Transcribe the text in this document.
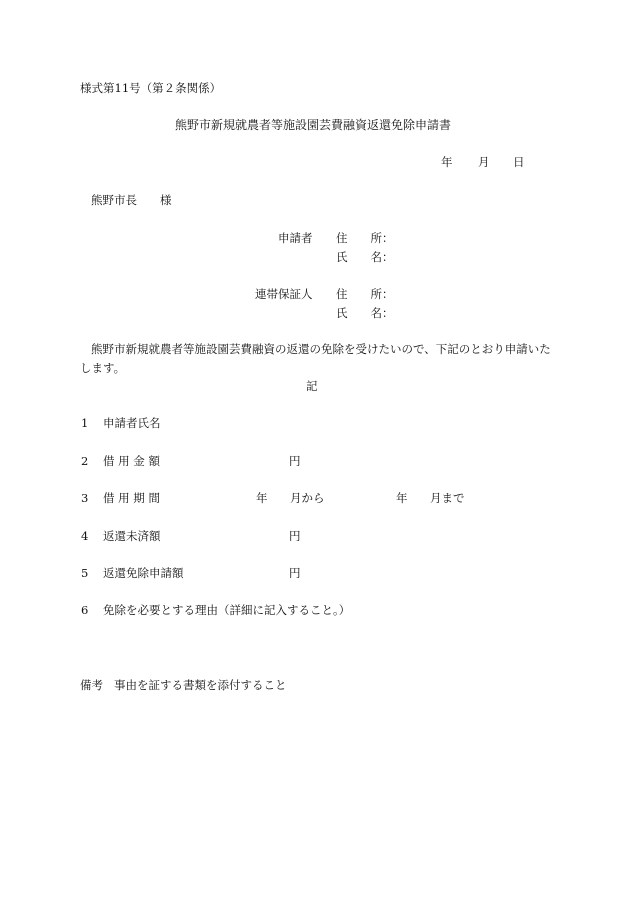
様式第11号（第２条関係）
熊野市新規就農者等施設園芸費融資返還免除申請書
年 月 日
熊野市長 様
申請者 住　　所：
氏　　名：
連帯保証人 住　　所：
氏　　名：
熊野市新規就農者等施設園芸費融資の返還の免除を受けたいので、下記のとおり申請いたします。
記
1 申請者氏名
2 借 用 金 額	円
3 借 用 期 間	年 月から	年 月まで
4 返還未済額	円
5 返還免除申請額	円
6 免除を必要とする理由（詳細に記入すること。）
備考 事由を証する書類を添付すること
